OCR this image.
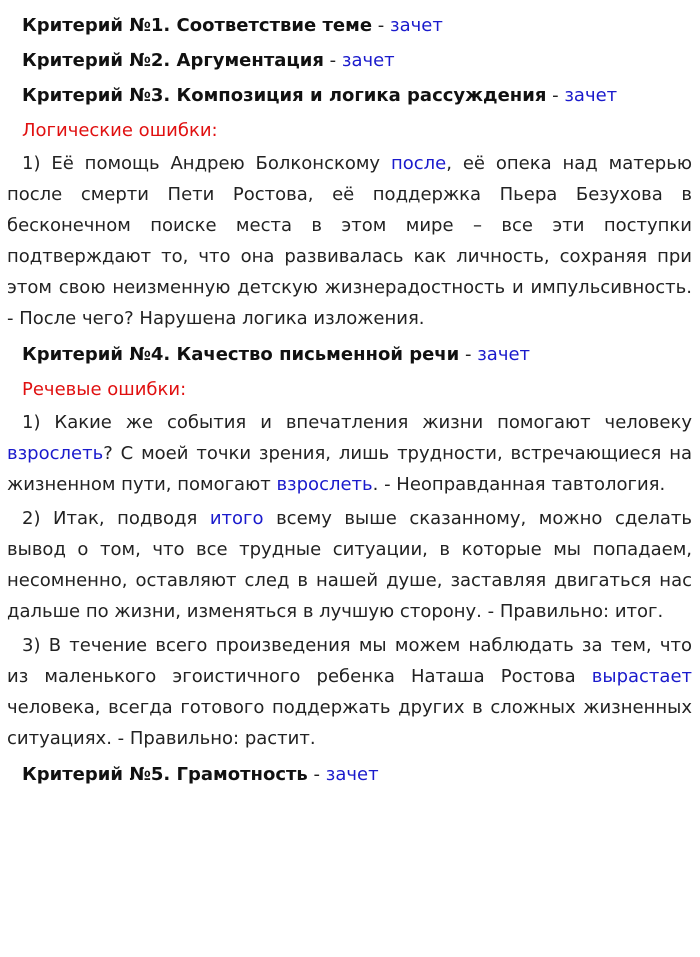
Критерий №1. Соответствие теме - зачет

Критерий №2. Аргументация - зачет

Критерий №3. Композиция и логика рассуждения - зачет

Логические ошибки:

1) Её помощь Андрею Болконскому после, её опека над матерью
после смерти Пети Ростова, её поддержка Пьера Безухова в
бесконечном поиске места в этом мире – все эти поступки
подтверждают то, что она развивалась как личность, сохраняя при
этом свою неизменную детскую жизнерадостность и импульсивность.
- После чего? Нарушена логика изложения.

Критерий №4. Качество письменной речи - зачет

Речевые ошибки:

1) Какие же события и впечатления жизни помогают человеку
взрослеть? С моей точки зрения, лишь трудности, встречающиеся на
жизненном пути, помогают взрослеть. - Неоправданная тавтология.
2) Итак, подводя итого всему выше сказанному, можно сделать
вывод о том, что все трудные ситуации, в которые мы попадаем,
несомненно, оставляют след в нашей душе, заставляя двигаться нас
дальше по жизни, изменяться в лучшую сторону. - Правильно: итог.
3) В течение всего произведения мы можем наблюдать за тем, что
из маленького эгоистичного ребенка Наташа Ростова вырастает
человека, всегда готового поддержать других в сложных жизненных
ситуациях. - Правильно: растит.

Критерий №5. Грамотность - зачет
